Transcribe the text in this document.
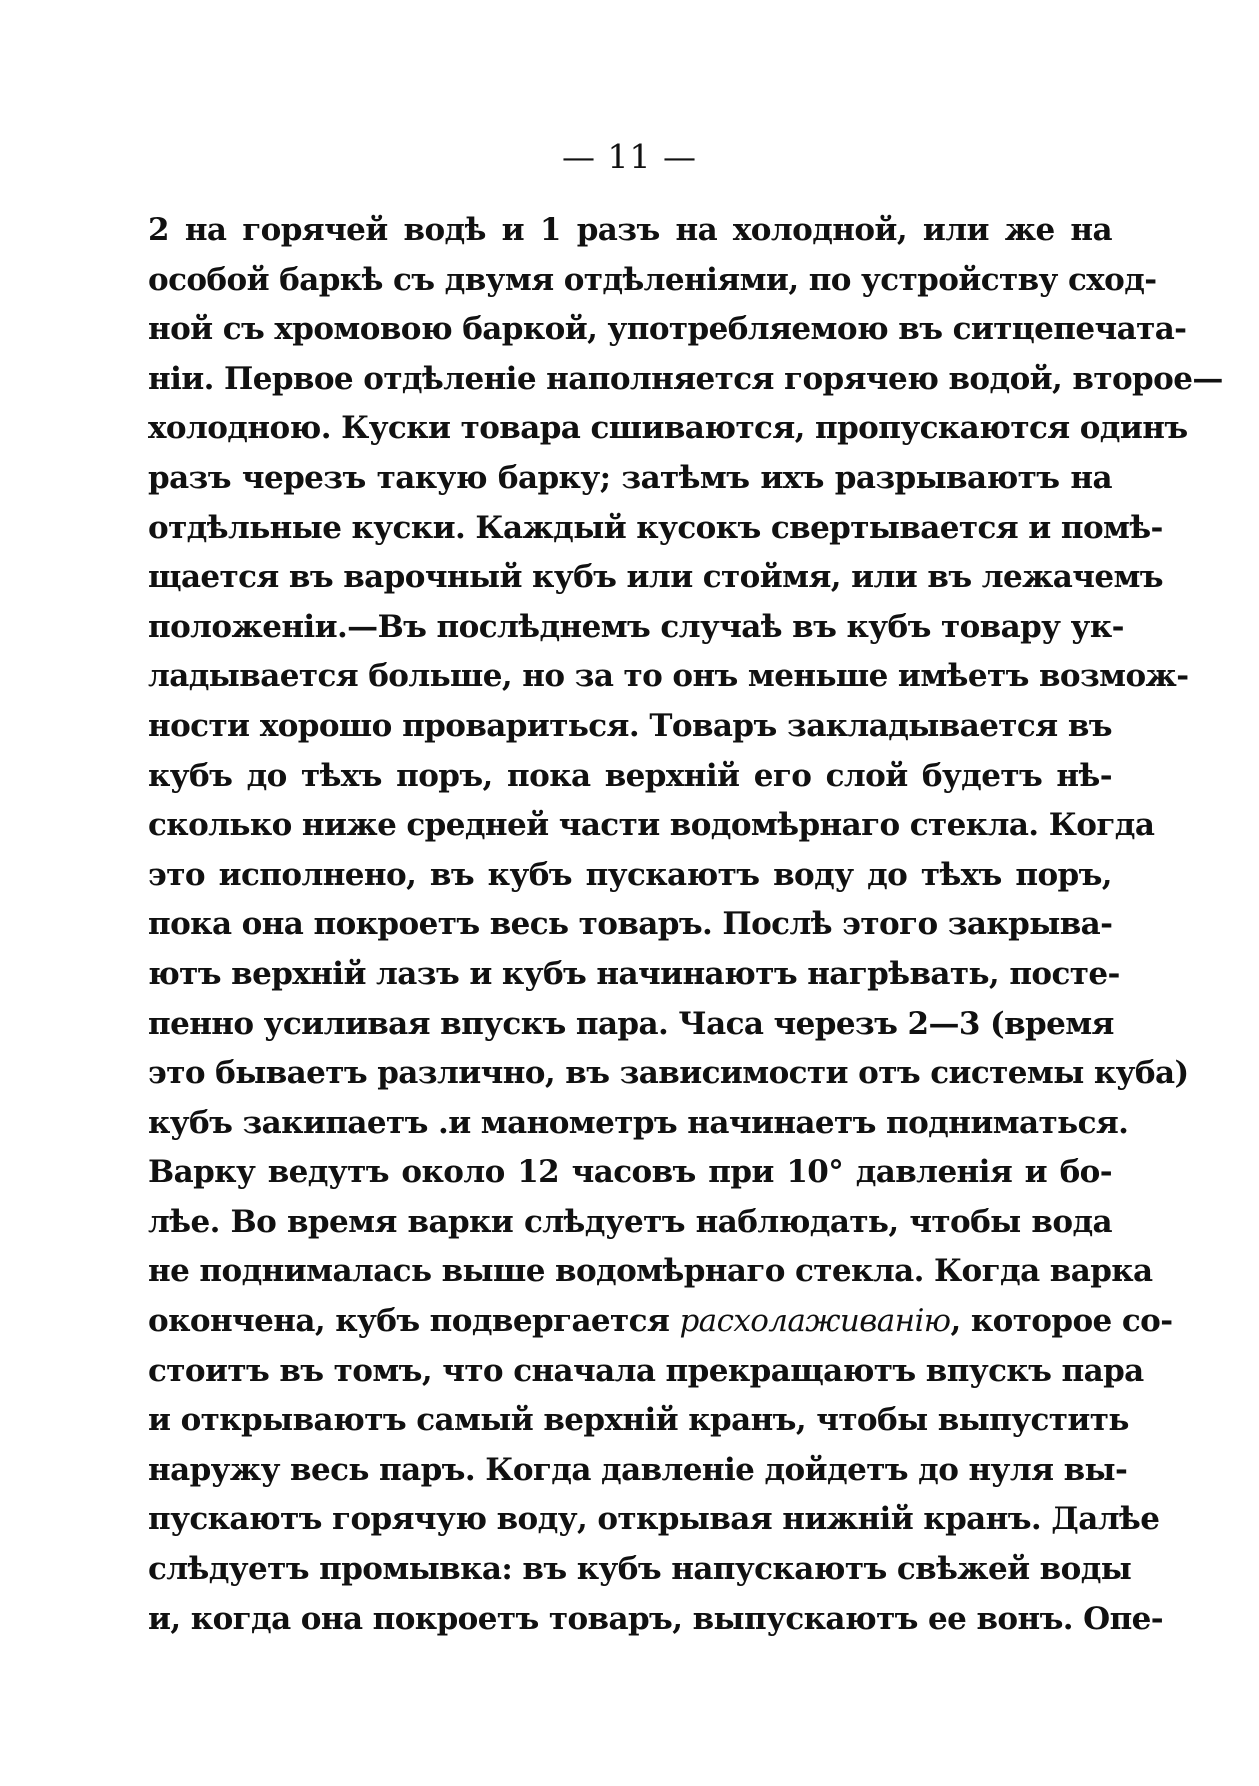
— 11 —
2 на горячей водѣ и 1 разъ на холодной, или же на
особой баркѣ съ двумя отдѣленіями, по устройству сход-
ной съ хромовою баркой, употребляемою въ ситцепечата-
ніи. Первое отдѣленіе наполняется горячею водой, второе—
холодною. Куски товара сшиваются, пропускаются одинъ
разъ черезъ такую барку; затѣмъ ихъ разрываютъ на
отдѣльные куски. Каждый кусокъ свертывается и помѣ-
щается въ варочный кубъ или стоймя, или въ лежачемъ
положеніи.—Въ послѣднемъ случаѣ въ кубъ товару ук-
ладывается больше, но за то онъ меньше имѣетъ возмож-
ности хорошо провариться. Товаръ закладывается въ
кубъ до тѣхъ поръ, пока верхній его слой будетъ нѣ-
сколько ниже средней части водомѣрнаго стекла. Когда
это исполнено, въ кубъ пускаютъ воду до тѣхъ поръ,
пока она покроетъ весь товаръ. Послѣ этого закрыва-
ютъ верхній лазъ и кубъ начинаютъ нагрѣвать, посте-
пенно усиливая впускъ пара. Часа черезъ 2—3 (время
это бываетъ различно, въ зависимости отъ системы куба)
кубъ закипаетъ .и манометръ начинаетъ подниматься.
Варку ведутъ около 12 часовъ при 10° давленія и бо-
лѣе. Во время варки слѣдуетъ наблюдать, чтобы вода
не поднималась выше водомѣрнаго стекла. Когда варка
окончена, кубъ подвергается расхолаживанію, которое со-
стоитъ въ томъ, что сначала прекращаютъ впускъ пара
и открываютъ самый верхній кранъ, чтобы выпустить
наружу весь паръ. Когда давленіе дойдетъ до нуля вы-
пускаютъ горячую воду, открывая нижній кранъ. Далѣе
слѣдуетъ промывка: въ кубъ напускаютъ свѣжей воды
и, когда она покроетъ товаръ, выпускаютъ ее вонъ. Опе-
